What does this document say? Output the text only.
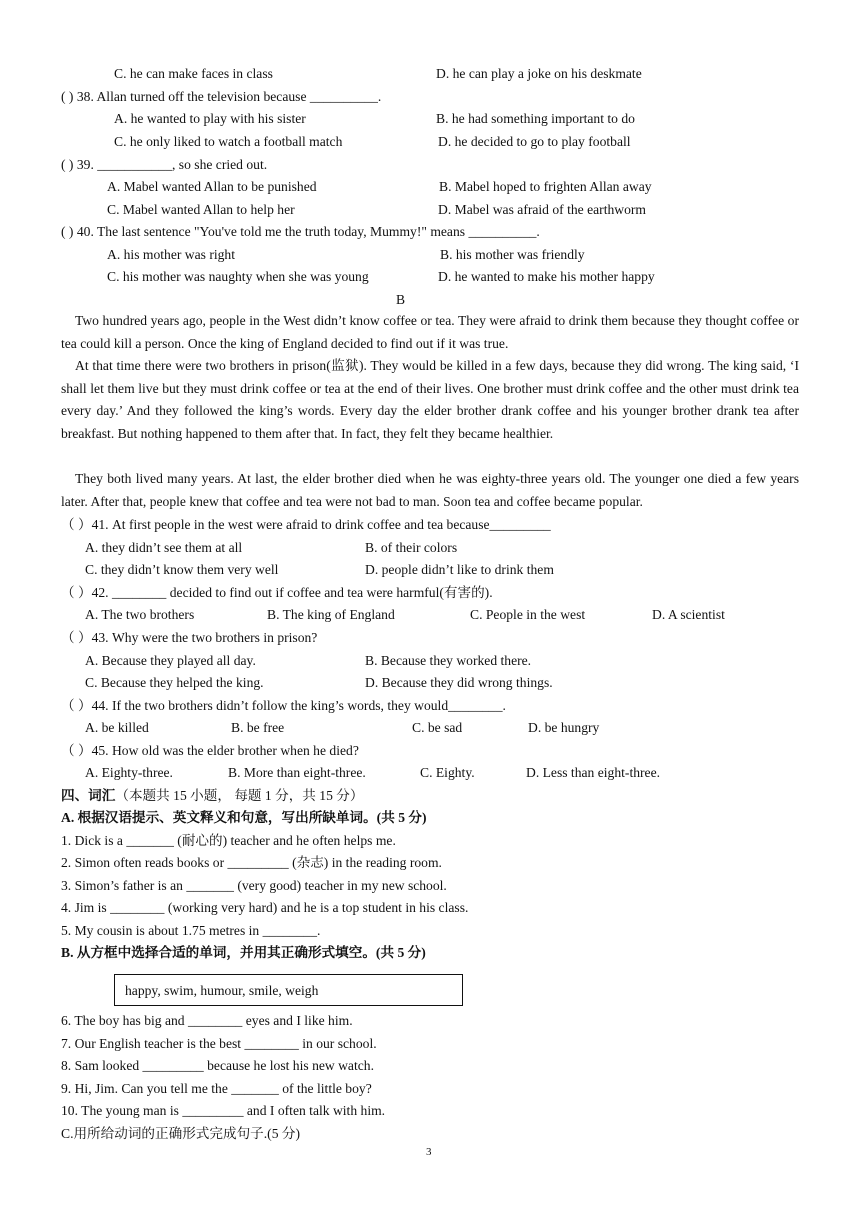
C. he can make faces in class	D. he can play a joke on his deskmate
( ) 38. Allan turned off the television because __________.
A. he wanted to play with his sister	B. he had something important to do
C. he only liked to watch a football match	D. he decided to go to play football
( ) 39. ___________, so she cried out.
A. Mabel wanted Allan to be punished	B. Mabel hoped to frighten Allan away
C. Mabel wanted Allan to help her	D. Mabel was afraid of the earthworm
( ) 40. The last sentence "You've told me the truth today, Mummy!" means __________.
A. his mother was right	B. his mother was friendly
C. his mother was naughty when she was young	D. he wanted to make his mother happy
B
Two hundred years ago, people in the West didn’t know coffee or tea. They were afraid to drink them because they thought coffee or tea could kill a person. Once the king of England decided to find out if it was true.
At that time there were two brothers in prison(监狱). They would be killed in a few days, because they did wrong. The king said, ‘I shall let them live but they must drink coffee or tea at the end of their lives. One brother must drink coffee and the other must drink tea every day.’ And they followed the king’s words. Every day the elder brother drank coffee and his younger brother drank tea after breakfast. But nothing happened to them after that. In fact, they felt they became healthier.
They both lived many years. At last, the elder brother died when he was eighty-three years old. The younger one died a few years later. After that, people knew that coffee and tea were not bad to man. Soon tea and coffee became popular.
（ ）41. At first people in the west were afraid to drink coffee and tea because_________
A. they didn’t see them at all	B. of their colors
C. they didn’t know them very well	D. people didn’t like to drink them
（ ）42. ________ decided to find out if coffee and tea were harmful(有害的).
A. The two brothers	B. The king of England	C. People in the west	D. A scientist
（ ）43. Why were the two brothers in prison?
A. Because they played all day.	B. Because they worked there.
C. Because they helped the king.	D. Because they did wrong things.
（ ）44. If the two brothers didn’t follow the king’s words, they would________.
A. be killed	B. be free	C. be sad	D. be hungry
（ ）45. How old was the elder brother when he died?
A. Eighty-three.	B. More than eight-three.	C. Eighty.	D. Less than eight-three.
四、词汇（本题共 15 小题， 每题 1 分，共 15 分）
A. 根据汉语提示、英文释义和句意，写出所缺单词。(共 5 分)
1. Dick is a _______ (耐心的) teacher and he often helps me.
2. Simon often reads books or _________ (杂志) in the reading room.
3. Simon’s father is an _______ (very good) teacher in my new school.
4. Jim is ________ (working very hard) and he is a top student in his class.
5. My cousin is about 1.75 metres in ________.
B. 从方框中选择合适的单词，并用其正确形式填空。(共 5 分)
happy, swim, humour, smile, weigh
6. The boy has big and ________ eyes and I like him.
7. Our English teacher is the best ________ in our school.
8. Sam looked _________ because he lost his new watch.
9. Hi, Jim. Can you tell me the _______ of the little boy?
10. The young man is _________ and I often talk with him.
C.用所给动词的正确形式完成句子.(5 分)
3
